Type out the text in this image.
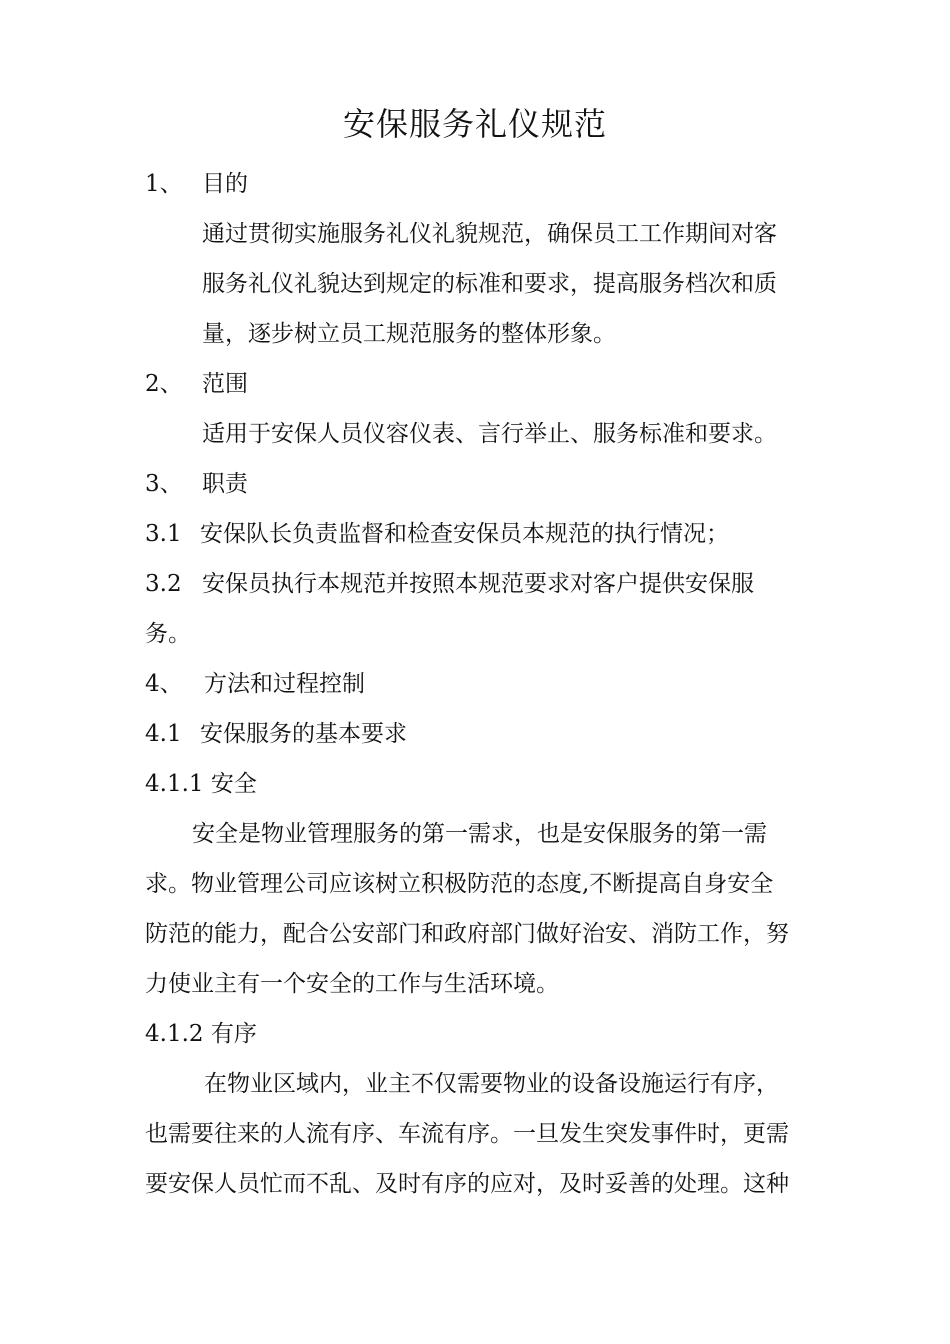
安保服务礼仪规范
1、 目的
通过贯彻实施服务礼仪礼貌规范，确保员工工作期间对客
服务礼仪礼貌达到规定的标准和要求，提高服务档次和质
量，逐步树立员工规范服务的整体形象。
2、 范围
适用于安保人员仪容仪表、言行举止、服务标准和要求。
3、 职责
3.1 安保队长负责监督和检查安保员本规范的执行情况；
3.2 安保员执行本规范并按照本规范要求对客户提供安保服
务。
4、 方法和过程控制
4.1 安保服务的基本要求
4.1.1 安全
安全是物业管理服务的第一需求，也是安保服务的第一需
求。物业管理公司应该树立积极防范的态度,不断提高自身安全
防范的能力，配合公安部门和政府部门做好治安、消防工作，努
力使业主有一个安全的工作与生活环境。
4.1.2 有序
在物业区域内，业主不仅需要物业的设备设施运行有序，
也需要往来的人流有序、车流有序。一旦发生突发事件时，更需
要安保人员忙而不乱、及时有序的应对，及时妥善的处理。这种
